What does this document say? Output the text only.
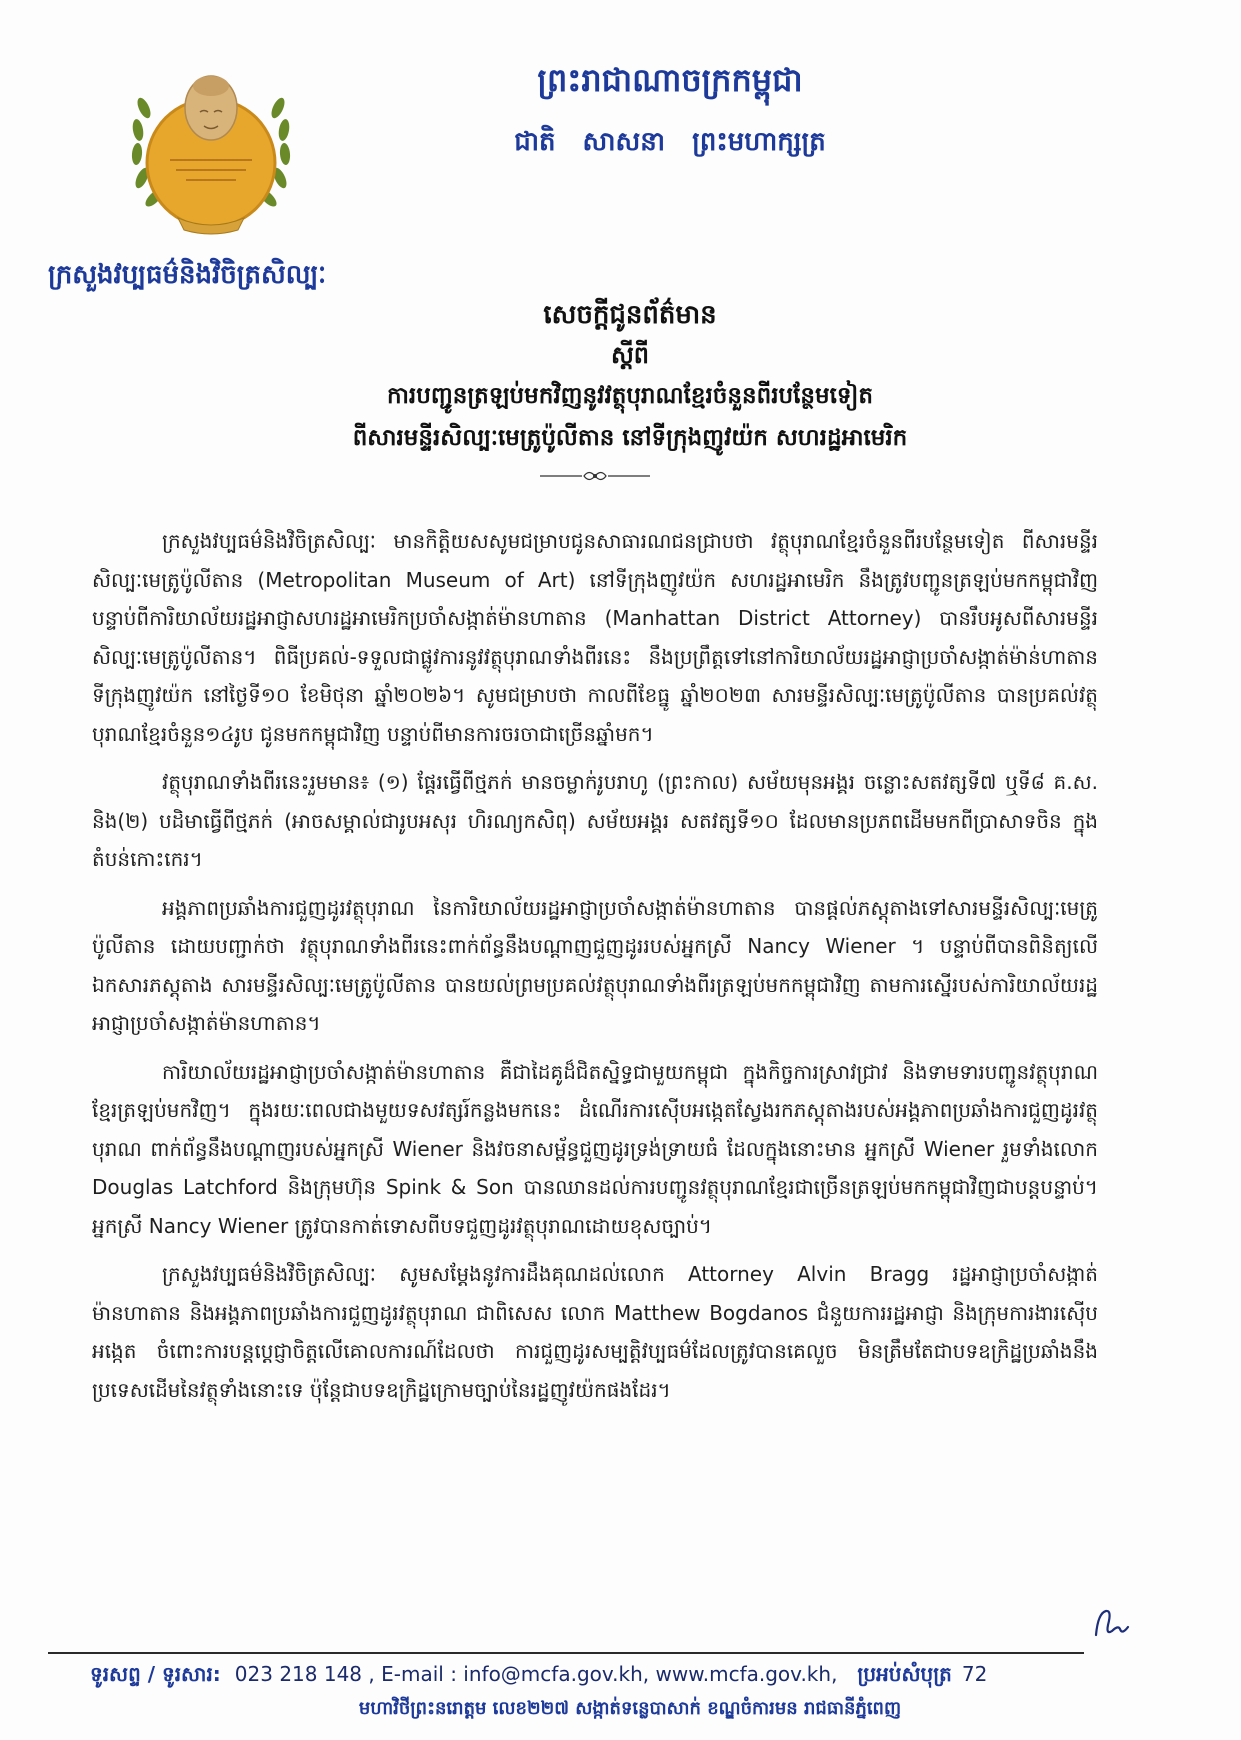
ក្រសួងវប្បធម៌និងវិចិត្រសិល្បៈ
ព្រះរាជាណាចក្រកម្ពុជា
ជាតិ សាសនា ព្រះមហាក្សត្រ
សេចក្តីជូនព័ត៌មាន
ស្តីពី
ការបញ្ជូនត្រឡប់មកវិញនូវវត្ថុបុរាណខ្មែរចំនួនពីរបន្ថែមទៀត
ពីសារមន្ទីរសិល្បៈមេត្រូប៉ូលីតាន នៅទីក្រុងញូវយ៉ក សហរដ្ឋអាមេរិក

ក្រសួងវប្បធម៌និងវិចិត្រសិល្បៈ មានកិត្តិយសសូមជម្រាបជូនសាធារណជនជ្រាបថា វត្ថុបុរាណខ្មែរចំនួនពីរបន្ថែមទៀត ពីសារមន្ទីរសិល្បៈមេត្រូប៉ូលីតាន (Metropolitan Museum of Art) នៅទីក្រុងញូវយ៉ក សហរដ្ឋអាមេរិក នឹងត្រូវបញ្ជូនត្រឡប់មកកម្ពុជាវិញ បន្ទាប់ពីការិយាល័យរដ្ឋអាជ្ញាសហរដ្ឋអាមេរិកប្រចាំសង្កាត់ម៉ានហាតាន (Manhattan District Attorney) បានរឹបអូសពីសារមន្ទីរសិល្បៈមេត្រូប៉ូលីតាន។ ពិធីប្រគល់-ទទួលជាផ្លូវការនូវវត្ថុបុរាណទាំងពីរនេះ នឹងប្រព្រឹត្តទៅនៅការិយាល័យរដ្ឋអាជ្ញាប្រចាំសង្កាត់ម៉ាន់ហាតាន ទីក្រុងញូវយ៉ក នៅថ្ងៃទី១០ ខែមិថុនា ឆ្នាំ២០២៦។ សូមជម្រាបថា កាលពីខែធ្នូ ឆ្នាំ២០២៣ សារមន្ទីរសិល្បៈមេត្រូប៉ូលីតាន បានប្រគល់វត្ថុបុរាណខ្មែរចំនួន១៤រូប ជូនមកកម្ពុជាវិញ បន្ទាប់ពីមានការចរចាជាច្រើនឆ្នាំមក។

វត្ថុបុរាណទាំងពីរនេះរួមមាន៖ (១) ផ្តែរធ្វើពីថ្មភក់ មានចម្លាក់រូបរាហូ (ព្រះកាល) សម័យមុនអង្គរ ចន្លោះសតវត្សទី៧ ឬទី៨ គ.ស. និង(២) បដិមាធ្វើពីថ្មភក់ (អាចសម្គាល់ជារូបអសុរ ហិរណ្យកសិពុ) សម័យអង្គរ សតវត្សទី១០ ដែលមានប្រភពដើមមកពីប្រាសាទចិន ក្នុងតំបន់កោះកេរ។

អង្គភាពប្រឆាំងការជួញដូរវត្ថុបុរាណ នៃការិយាល័យរដ្ឋអាជ្ញាប្រចាំសង្កាត់ម៉ានហាតាន បានផ្តល់ភស្តុតាងទៅសារមន្ទីរសិល្បៈមេត្រូប៉ូលីតាន ដោយបញ្ជាក់ថា វត្ថុបុរាណទាំងពីរនេះពាក់ព័ន្ធនឹងបណ្តាញជួញដូររបស់អ្នកស្រី Nancy Wiener ។ បន្ទាប់ពីបានពិនិត្យលើឯកសារភស្តុតាង សារមន្ទីរសិល្បៈមេត្រូប៉ូលីតាន បានយល់ព្រមប្រគល់វត្ថុបុរាណទាំងពីរត្រឡប់មកកម្ពុជាវិញ តាមការស្នើរបស់ការិយាល័យរដ្ឋអាជ្ញាប្រចាំសង្កាត់ម៉ានហាតាន។

ការិយាល័យរដ្ឋអាជ្ញាប្រចាំសង្កាត់ម៉ានហាតាន គឺជាដៃគូដ៏ជិតស្និទ្ធជាមួយកម្ពុជា ក្នុងកិច្ចការស្រាវជ្រាវ និងទាមទារបញ្ជូនវត្ថុបុរាណខ្មែរត្រឡប់មកវិញ។ ក្នុងរយៈពេលជាងមួយទសវត្សរ៍កន្លងមកនេះ ដំណើរការស៊ើបអង្កេតស្វែងរកភស្តុតាងរបស់អង្គភាពប្រឆាំងការជួញដូរវត្ថុបុរាណ ពាក់ព័ន្ធនឹងបណ្តាញរបស់អ្នកស្រី Wiener និងវចនាសម្ព័ន្ធជួញដូរទ្រង់ទ្រាយធំ ដែលក្នុងនោះមាន អ្នកស្រី Wiener រួមទាំងលោក Douglas Latchford និងក្រុមហ៊ុន Spink & Son បានឈានដល់ការបញ្ជូនវត្ថុបុរាណខ្មែរជាច្រើនត្រឡប់មកកម្ពុជាវិញជាបន្តបន្ទាប់។ អ្នកស្រី Nancy Wiener ត្រូវបានកាត់ទោសពីបទជួញដូរវត្ថុបុរាណដោយខុសច្បាប់។

ក្រសួងវប្បធម៌និងវិចិត្រសិល្បៈ សូមសម្តែងនូវការដឹងគុណដល់លោក Attorney Alvin Bragg រដ្ឋអាជ្ញាប្រចាំសង្កាត់ម៉ានហាតាន និងអង្គភាពប្រឆាំងការជួញដូរវត្ថុបុរាណ ជាពិសេស លោក Matthew Bogdanos ជំនួយការរដ្ឋអាជ្ញា និងក្រុមការងារស៊ើបអង្កេត ចំពោះការបន្តប្តេជ្ញាចិត្តលើគោលការណ៍ដែលថា ការជួញដូរសម្បត្តិវប្បធម៌ដែលត្រូវបានគេលួច មិនត្រឹមតែជាបទឧក្រិដ្ឋប្រឆាំងនឹងប្រទេសដើមនៃវត្ថុទាំងនោះទេ ប៉ុន្តែជាបទឧក្រិដ្ឋក្រោមច្បាប់នៃរដ្ឋញូវយ៉កផងដែរ។

ទូរសព្ទ / ទូរសារ: 023 218 148 , E-mail : info@mcfa.gov.kh, www.mcfa.gov.kh, ប្រអប់សំបុត្រ 72
មហាវិថីព្រះនរោត្តម លេខ២២៧ សង្កាត់ទន្លេបាសាក់ ខណ្ឌចំការមន រាជធានីភ្នំពេញ
